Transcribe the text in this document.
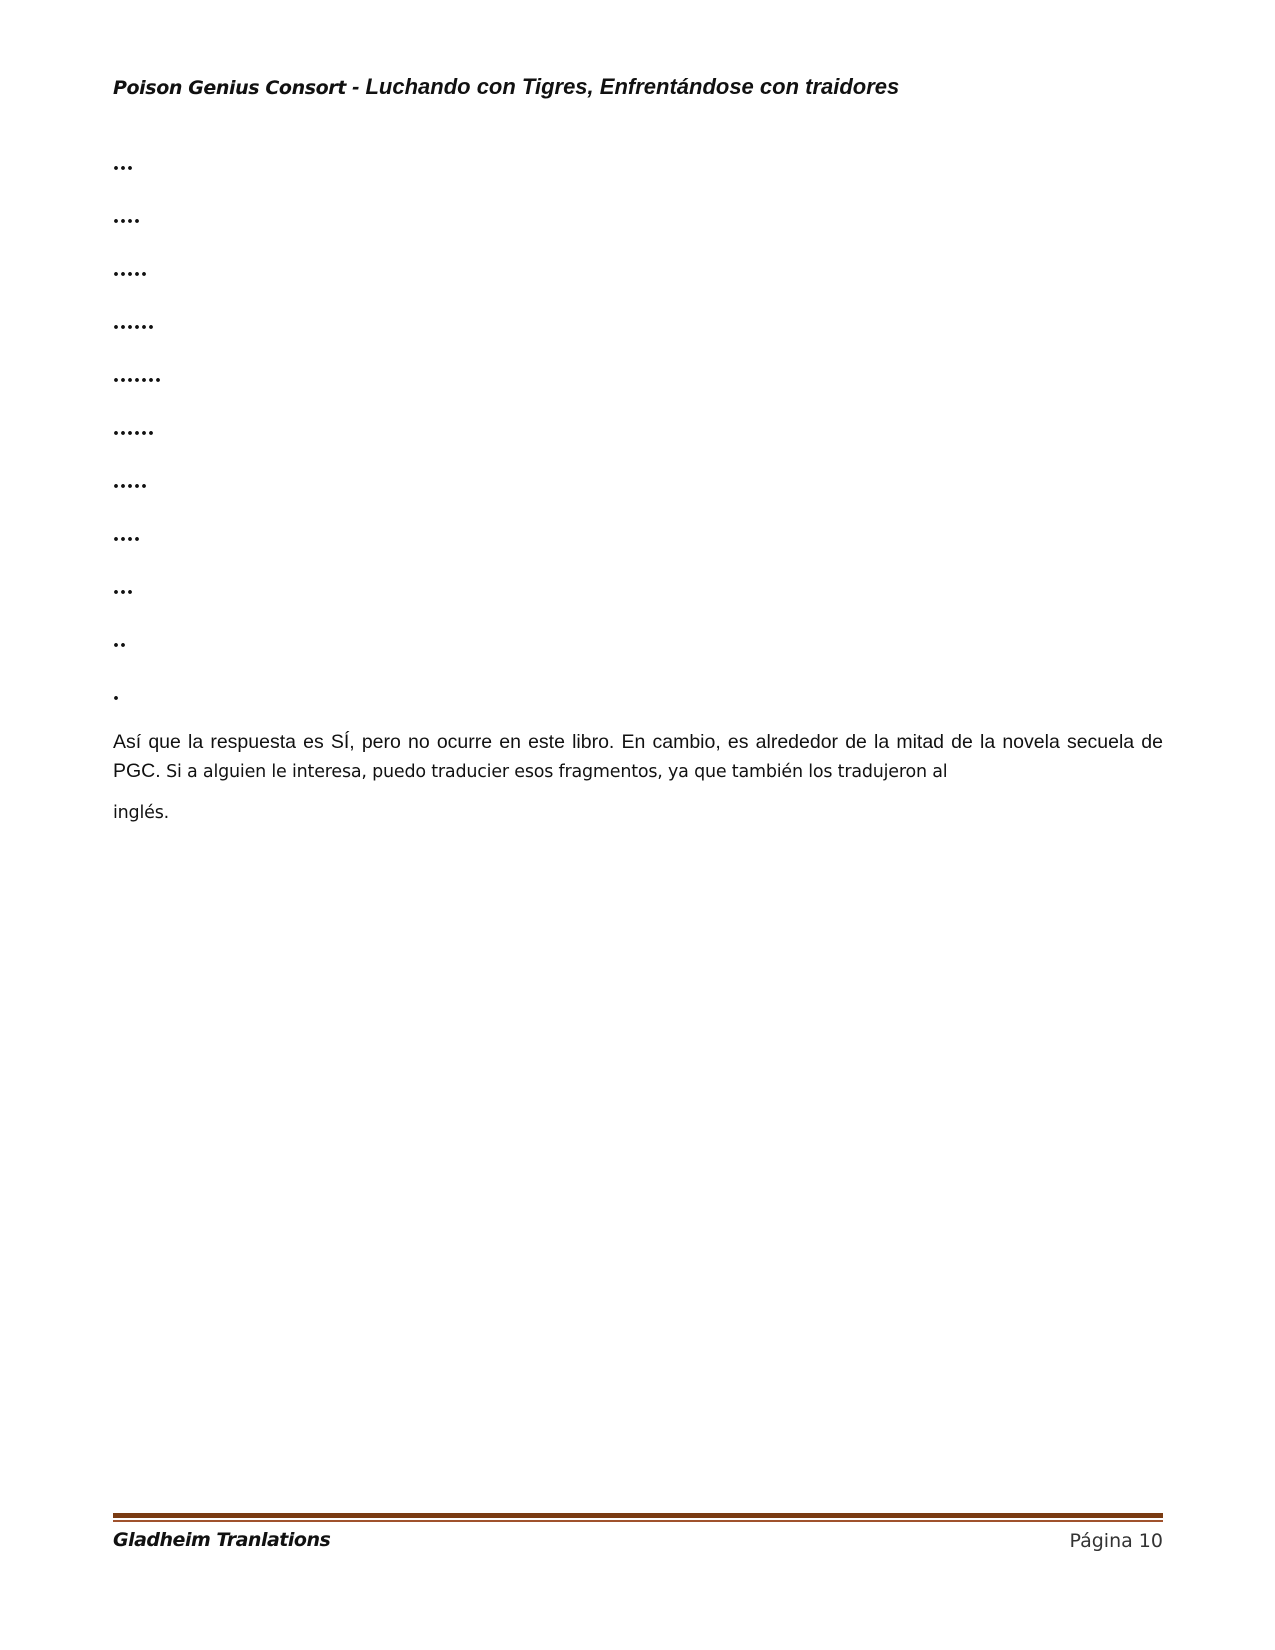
Poison Genius Consort - Luchando con Tigres, Enfrentándose con traidores
...
....
.....
......
.......
......
.....
....
...
..
.

Así que la respuesta es SÍ, pero no ocurre en este libro. En cambio, es alrededor de la mitad de la novela secuela de PGC. Si a alguien le interesa, puedo traducier esos fragmentos, ya que también los tradujeron al
inglés.

Gladheim Tranlations	Página 10
